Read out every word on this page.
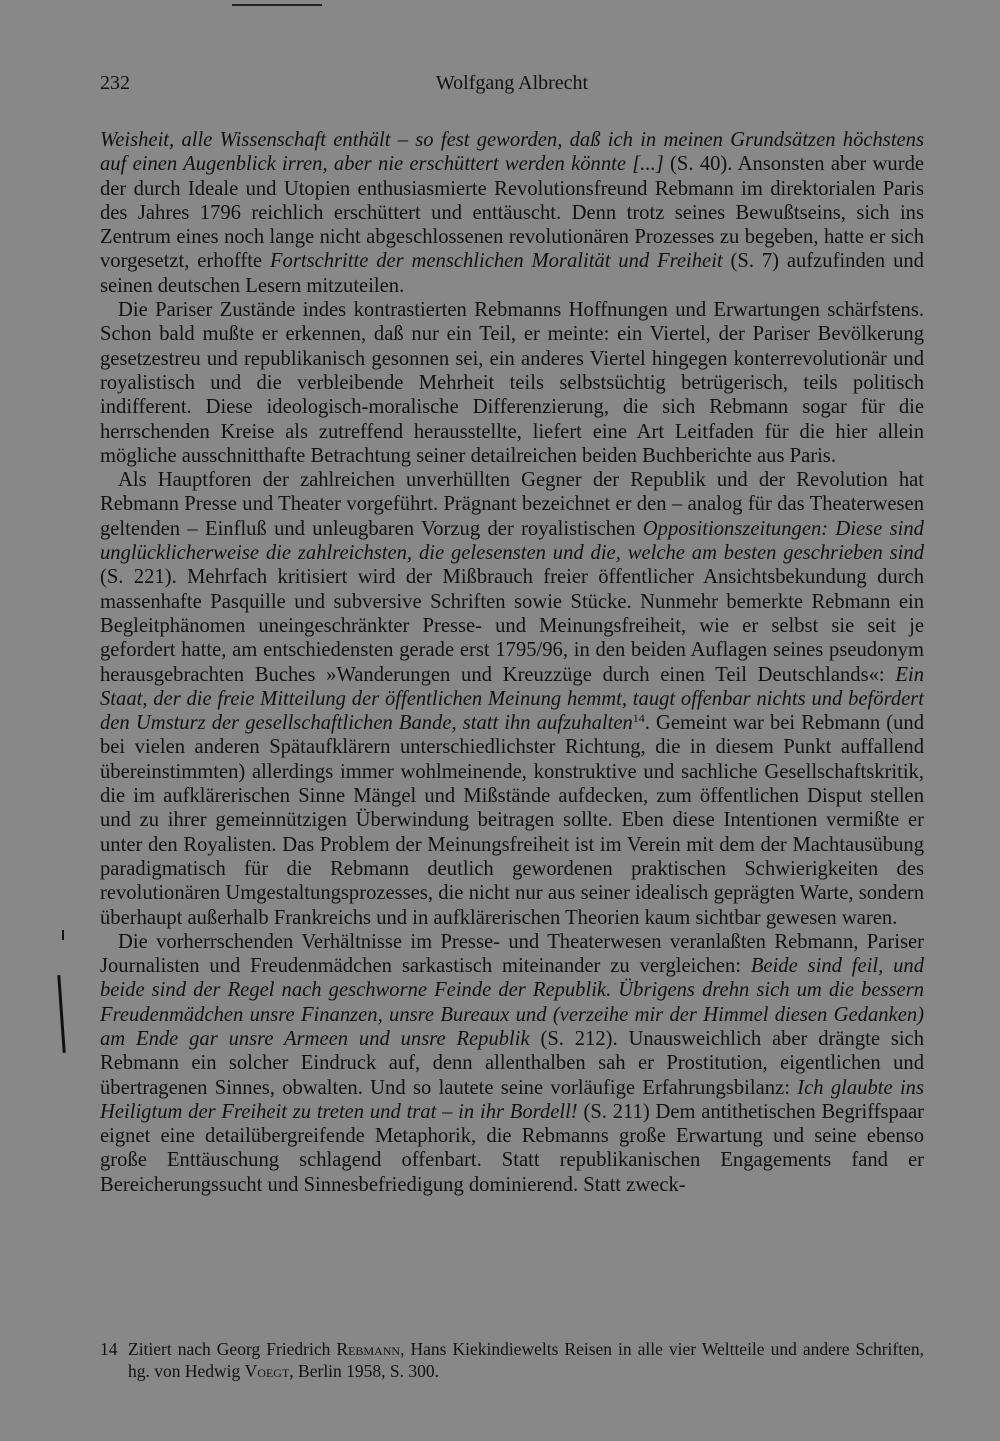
232	Wolfgang Albrecht

Weisheit, alle Wissenschaft enthält – so fest geworden, daß ich in meinen Grundsätzen höchstens auf einen Augenblick irren, aber nie erschüttert werden könnte [...] (S. 40). Ansonsten aber wurde der durch Ideale und Utopien enthusiasmierte Revolutionsfreund Rebmann im direktorialen Paris des Jahres 1796 reichlich erschüttert und enttäuscht. Denn trotz seines Bewußtseins, sich ins Zentrum eines noch lange nicht abgeschlossenen revolutionären Prozesses zu begeben, hatte er sich vorgesetzt, erhoffte Fortschritte der menschlichen Moralität und Freiheit (S. 7) aufzufinden und seinen deutschen Lesern mitzuteilen.

Die Pariser Zustände indes kontrastierten Rebmanns Hoffnungen und Erwartungen schärfstens. Schon bald mußte er erkennen, daß nur ein Teil, er meinte: ein Viertel, der Pariser Bevölkerung gesetzestreu und republikanisch gesonnen sei, ein anderes Viertel hingegen konterrevolutionär und royalistisch und die verbleibende Mehrheit teils selbstsüchtig betrügerisch, teils politisch indifferent. Diese ideologisch-moralische Differenzierung, die sich Rebmann sogar für die herrschenden Kreise als zutreffend herausstellte, liefert eine Art Leitfaden für die hier allein mögliche ausschnitthafte Betrachtung seiner detailreichen beiden Buchberichte aus Paris.

Als Hauptforen der zahlreichen unverhüllten Gegner der Republik und der Revolution hat Rebmann Presse und Theater vorgeführt. Prägnant bezeichnet er den – analog für das Theaterwesen geltenden – Einfluß und unleugbaren Vorzug der royalistischen Oppositionszeitungen: Diese sind unglücklicherweise die zahlreichsten, die gelesensten und die, welche am besten geschrieben sind (S. 221). Mehrfach kritisiert wird der Mißbrauch freier öffentlicher Ansichtsbekundung durch massenhafte Pasquille und subversive Schriften sowie Stücke. Nunmehr bemerkte Rebmann ein Begleitphänomen uneingeschränkter Presse- und Meinungsfreiheit, wie er selbst sie seit je gefordert hatte, am entschiedensten gerade erst 1795/96, in den beiden Auflagen seines pseudonym herausgebrachten Buches »Wanderungen und Kreuzzüge durch einen Teil Deutschlands«: Ein Staat, der die freie Mitteilung der öffentlichen Meinung hemmt, taugt offenbar nichts und befördert den Umsturz der gesellschaftlichen Bande, statt ihn aufzuhalten$^{14}$. Gemeint war bei Rebmann (und bei vielen anderen Spätaufklärern unterschiedlichster Richtung, die in diesem Punkt auffallend übereinstimmten) allerdings immer wohlmeinende, konstruktive und sachliche Gesellschaftskritik, die im aufklärerischen Sinne Mängel und Mißstände aufdecken, zum öffentlichen Disput stellen und zu ihrer gemeinnützigen Überwindung beitragen sollte. Eben diese Intentionen vermißte er unter den Royalisten. Das Problem der Meinungsfreiheit ist im Verein mit dem der Machtausübung paradigmatisch für die Rebmann deutlich gewordenen praktischen Schwierigkeiten des revolutionären Umgestaltungsprozesses, die nicht nur aus seiner idealisch geprägten Warte, sondern überhaupt außerhalb Frankreichs und in aufklärerischen Theorien kaum sichtbar gewesen waren.

Die vorherrschenden Verhältnisse im Presse- und Theaterwesen veranlaßten Rebmann, Pariser Journalisten und Freudenmädchen sarkastisch miteinander zu vergleichen: Beide sind feil, und beide sind der Regel nach geschworne Feinde der Republik. Übrigens drehn sich um die bessern Freudenmädchen unsre Finanzen, unsre Bureaux und (verzeihe mir der Himmel diesen Gedanken) am Ende gar unsre Armeen und unsre Republik (S. 212). Unausweichlich aber drängte sich Rebmann ein solcher Eindruck auf, denn allenthalben sah er Prostitution, eigentlichen und übertragenen Sinnes, obwalten. Und so lautete seine vorläufige Erfahrungsbilanz: Ich glaubte ins Heiligtum der Freiheit zu treten und trat – in ihr Bordell! (S. 211) Dem antithetischen Begriffspaar eignet eine detailübergreifende Metaphorik, die Rebmanns große Erwartung und seine ebenso große Enttäuschung schlagend offenbart. Statt republikanischen Engagements fand er Bereicherungssucht und Sinnesbefriedigung dominierend. Statt zweck-

14 Zitiert nach Georg Friedrich Rebmann, Hans Kiekindiewelts Reisen in alle vier Weltteile und andere Schriften, hg. von Hedwig Voegt, Berlin 1958, S. 300.
